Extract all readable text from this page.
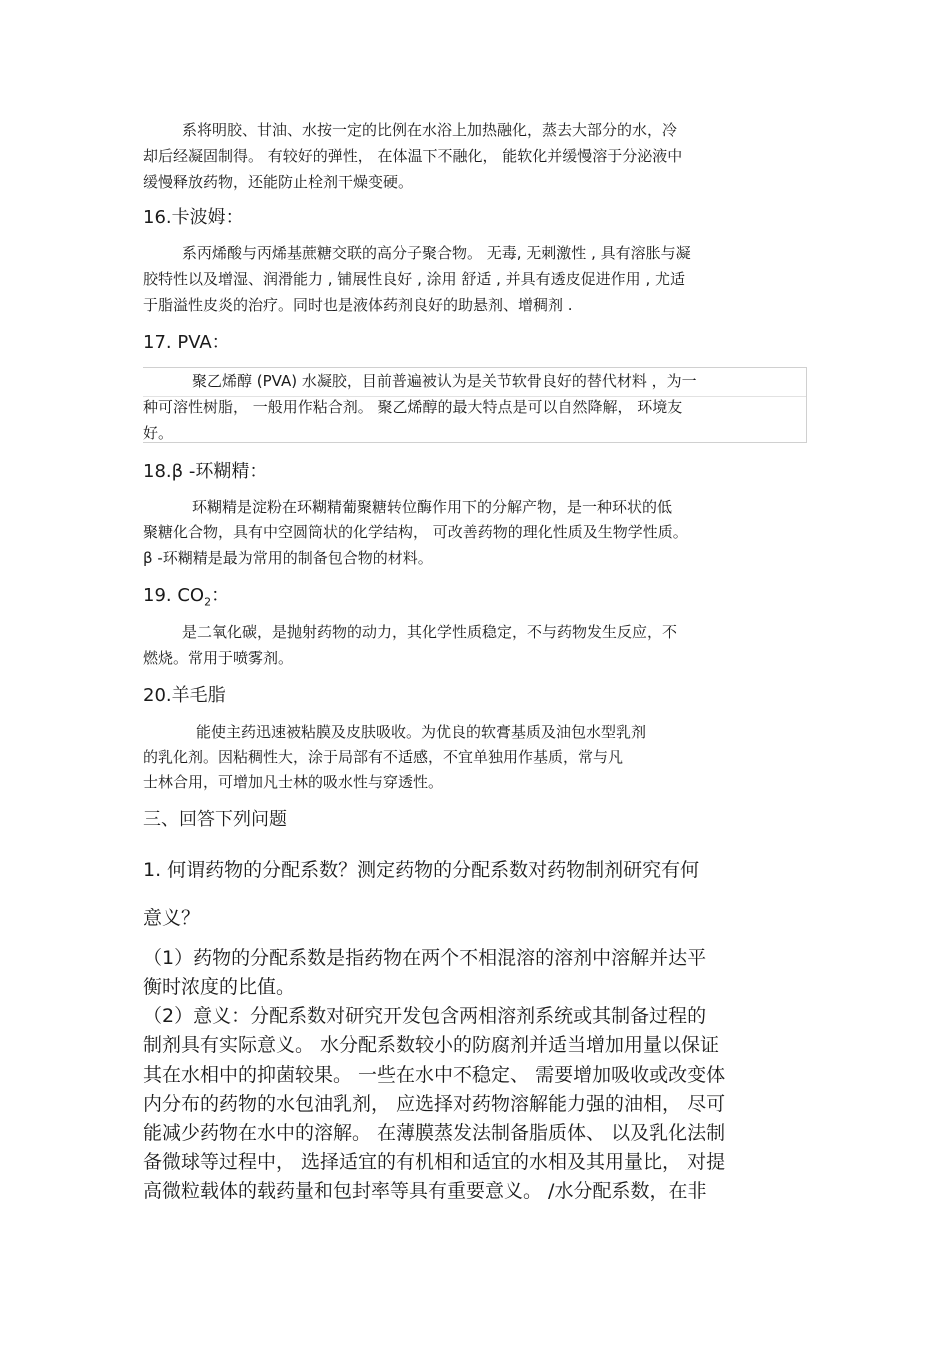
系将明胶、甘油、水按一定的比例在水浴上加热融化，蒸去大部分的水，冷
却后经凝固制得。 有较好的弹性， 在体温下不融化， 能软化并缓慢溶于分泌液中
缓慢释放药物，还能防止栓剂干燥变硬。
16.卡波姆：
系丙烯酸与丙烯基蔗糖交联的高分子聚合物。 无毒, 无刺激性 , 具有溶胀与凝
胶特性以及增湿、润滑能力 , 铺展性良好 , 涂用 舒适 , 并具有透皮促进作用 , 尤适
于脂溢性皮炎的治疗。同时也是液体药剂良好的助悬剂、增稠剂 .
17. PVA：
聚乙烯醇 (PVA) 水凝胶，目前普遍被认为是关节软骨良好的替代材料 ，为一
种可溶性树脂， 一般用作粘合剂。 聚乙烯醇的最大特点是可以自然降解， 环境友
好。
18.β -环糊精：
环糊精是淀粉在环糊精葡聚糖转位酶作用下的分解产物，是一种环状的低
聚糖化合物，具有中空圆筒状的化学结构， 可改善药物的理化性质及生物学性质。
β -环糊精是最为常用的制备包合物的材料。
19. $CO_2$：
是二氧化碳，是抛射药物的动力，其化学性质稳定，不与药物发生反应，不
燃烧。常用于喷雾剂。
20.羊毛脂
能使主药迅速被粘膜及皮肤吸收。为优良的软膏基质及油包水型乳剂
的乳化剂。因粘稠性大，涂于局部有不适感，不宜单独用作基质，常与凡
士林合用，可增加凡士林的吸水性与穿透性。
三、回答下列问题
1. 何谓药物的分配系数？测定药物的分配系数对药物制剂研究有何
意义？
（1）药物的分配系数是指药物在两个不相混溶的溶剂中溶解并达平
衡时浓度的比值。
（2）意义：分配系数对研究开发包含两相溶剂系统或其制备过程的
制剂具有实际意义。 水分配系数较小的防腐剂并适当增加用量以保证
其在水相中的抑菌较果。 一些在水中不稳定、 需要增加吸收或改变体
内分布的药物的水包油乳剂， 应选择对药物溶解能力强的油相， 尽可
能减少药物在水中的溶解。 在薄膜蒸发法制备脂质体、 以及乳化法制
备微球等过程中， 选择适宜的有机相和适宜的水相及其用量比， 对提
高微粒载体的载药量和包封率等具有重要意义。 /水分配系数，在非
